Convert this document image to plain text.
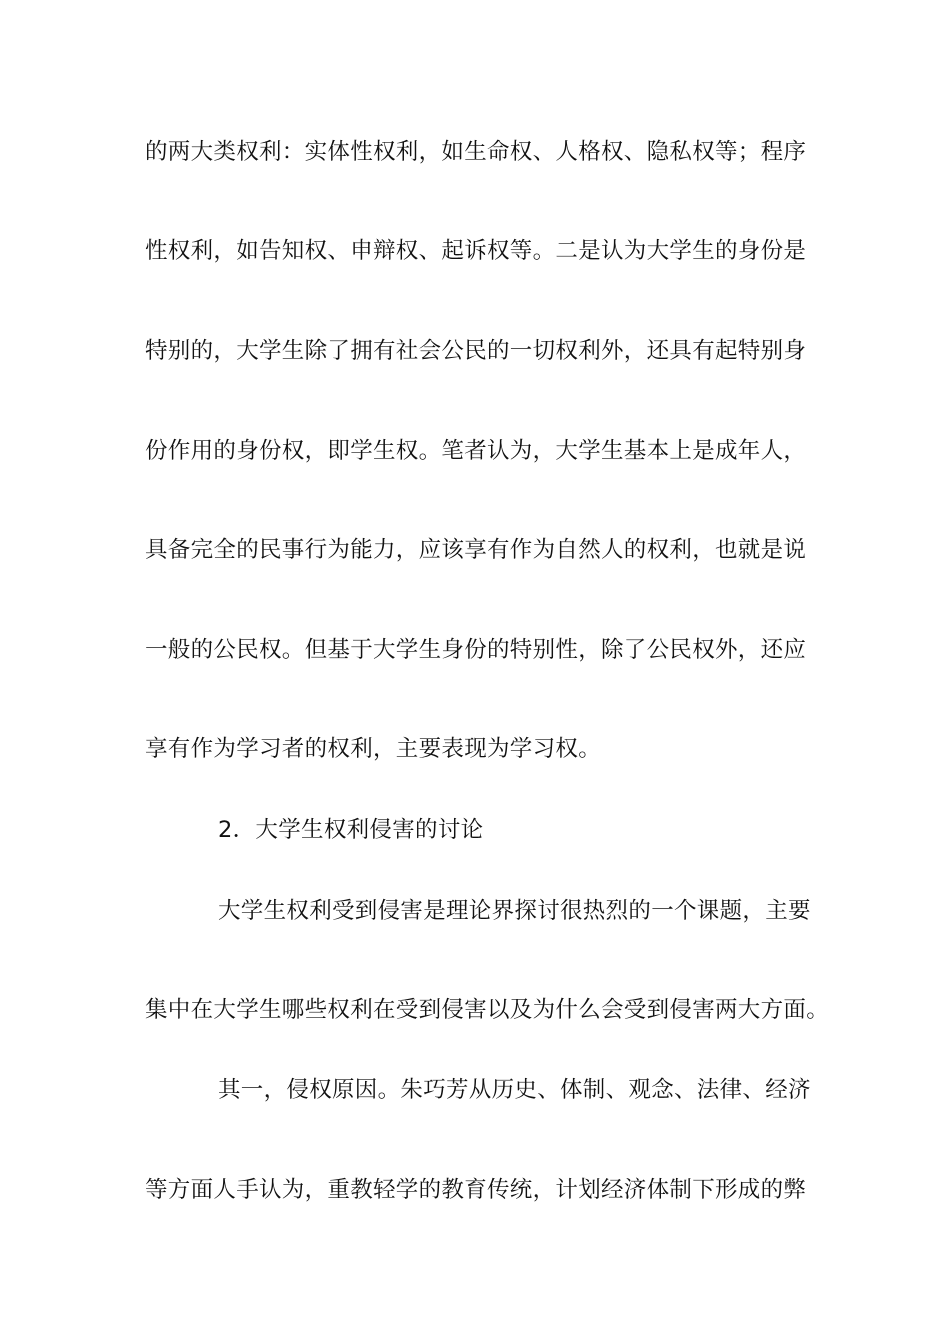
的两大类权利：实体性权利，如生命权、人格权、隐私权等；程序
性权利，如告知权、申辩权、起诉权等。二是认为大学生的身份是
特别的，大学生除了拥有社会公民的一切权利外，还具有起特别身
份作用的身份权，即学生权。笔者认为，大学生基本上是成年人，
具备完全的民事行为能力，应该享有作为自然人的权利，也就是说
一般的公民权。但基于大学生身份的特别性，除了公民权外，还应
享有作为学习者的权利，主要表现为学习权。
2．大学生权利侵害的讨论
大学生权利受到侵害是理论界探讨很热烈的一个课题，主要
集中在大学生哪些权利在受到侵害以及为什么会受到侵害两大方面。
其一，侵权原因。朱巧芳从历史、体制、观念、法律、经济
等方面人手认为，重教轻学的教育传统，计划经济体制下形成的弊
